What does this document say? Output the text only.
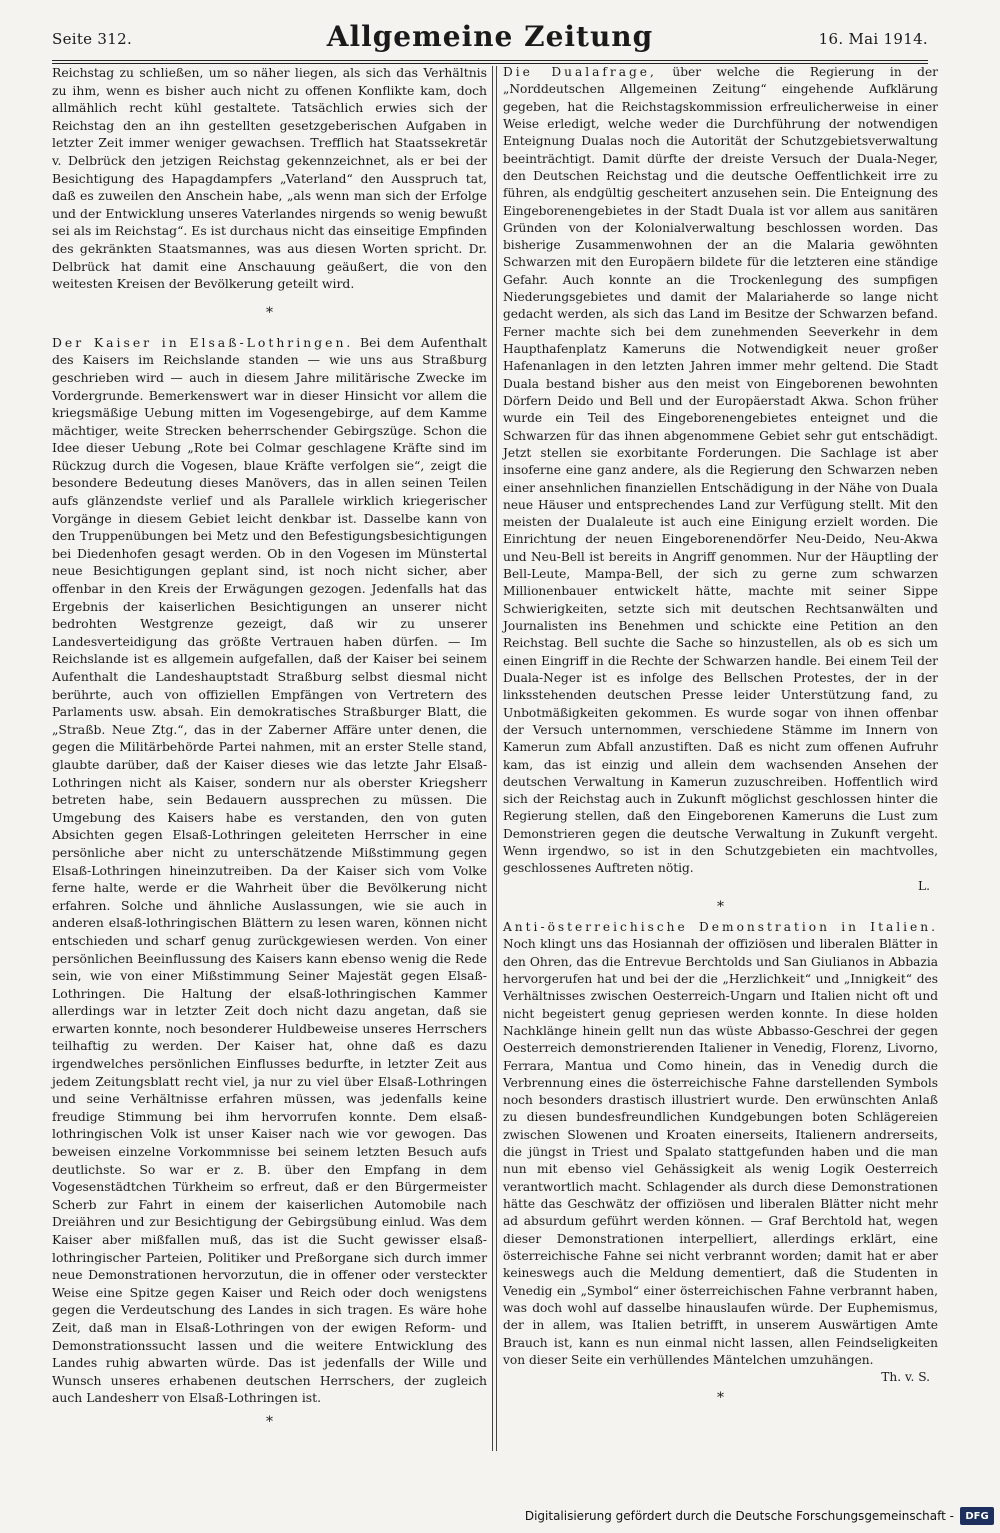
Seite 312.	Allgemeine Zeitung	16. Mai 1914.

Reichstag zu schließen, um so näher liegen, als sich das Verhältnis zu ihm, wenn es bisher auch nicht zu offenen Konflikte kam, doch allmählich recht kühl gestaltete. Tatsächlich erwies sich der Reichstag den an ihn gestellten gesetzgeberischen Aufgaben in letzter Zeit immer weniger gewachsen. Trefflich hat Staatssekretär v. Delbrück den jetzigen Reichstag gekennzeichnet, als er bei der Besichtigung des Hapagdampfers „Vaterland“ den Ausspruch tat, daß es zuweilen den Anschein habe, „als wenn man sich der Erfolge und der Entwicklung unseres Vaterlandes nirgends so wenig bewußt sei als im Reichstag“. Es ist durchaus nicht das einseitige Empfinden des gekränkten Staatsmannes, was aus diesen Worten spricht. Dr. Delbrück hat damit eine Anschauung geäußert, die von den weitesten Kreisen der Bevölkerung geteilt wird.

*

Der Kaiser in Elsaß-Lothringen. Bei dem Aufenthalt des Kaisers im Reichslande standen — wie uns aus Straßburg geschrieben wird — auch in diesem Jahre militärische Zwecke im Vordergrunde. Bemerkenswert war in dieser Hinsicht vor allem die kriegsmäßige Uebung mitten im Vogesengebirge, auf dem Kamme mächtiger, weite Strecken beherrschender Gebirgszüge. Schon die Idee dieser Uebung „Rote bei Colmar geschlagene Kräfte sind im Rückzug durch die Vogesen, blaue Kräfte verfolgen sie“, zeigt die besondere Bedeutung dieses Manövers, das in allen seinen Teilen aufs glänzendste verlief und als Parallele wirklich kriegerischer Vorgänge in diesem Gebiet leicht denkbar ist. Dasselbe kann von den Truppenübungen bei Metz und den Befestigungsbesichtigungen bei Diedenhofen gesagt werden. Ob in den Vogesen im Münstertal neue Besichtigungen geplant sind, ist noch nicht sicher, aber offenbar in den Kreis der Erwägungen gezogen. Jedenfalls hat das Ergebnis der kaiserlichen Besichtigungen an unserer nicht bedrohten Westgrenze gezeigt, daß wir zu unserer Landesverteidigung das größte Vertrauen haben dürfen. — Im Reichslande ist es allgemein aufgefallen, daß der Kaiser bei seinem Aufenthalt die Landeshauptstadt Straßburg selbst diesmal nicht berührte, auch von offiziellen Empfängen von Vertretern des Parlaments usw. absah. Ein demokratisches Straßburger Blatt, die „Straßb. Neue Ztg.“, das in der Zaberner Affäre unter denen, die gegen die Militärbehörde Partei nahmen, mit an erster Stelle stand, glaubte darüber, daß der Kaiser dieses wie das letzte Jahr Elsaß-Lothringen nicht als Kaiser, sondern nur als oberster Kriegsherr betreten habe, sein Bedauern aussprechen zu müssen. Die Umgebung des Kaisers habe es verstanden, den von guten Absichten gegen Elsaß-Lothringen geleiteten Herrscher in eine persönliche aber nicht zu unterschätzende Mißstimmung gegen Elsaß-Lothringen hineinzutreiben. Da der Kaiser sich vom Volke ferne halte, werde er die Wahrheit über die Bevölkerung nicht erfahren. Solche und ähnliche Auslassungen, wie sie auch in anderen elsaß-lothringischen Blättern zu lesen waren, können nicht entschieden und scharf genug zurückgewiesen werden. Von einer persönlichen Beeinflussung des Kaisers kann ebenso wenig die Rede sein, wie von einer Mißstimmung Seiner Majestät gegen Elsaß-Lothringen. Die Haltung der elsaß-lothringischen Kammer allerdings war in letzter Zeit doch nicht dazu angetan, daß sie erwarten konnte, noch besonderer Huldbeweise unseres Herrschers teilhaftig zu werden. Der Kaiser hat, ohne daß es dazu irgendwelches persönlichen Einflusses bedurfte, in letzter Zeit aus jedem Zeitungsblatt recht viel, ja nur zu viel über Elsaß-Lothringen und seine Verhältnisse erfahren müssen, was jedenfalls keine freudige Stimmung bei ihm hervorrufen konnte. Dem elsaß-lothringischen Volk ist unser Kaiser nach wie vor gewogen. Das beweisen einzelne Vorkommnisse bei seinem letzten Besuch aufs deutlichste. So war er z. B. über den Empfang in dem Vogesenstädtchen Türkheim so erfreut, daß er den Bürgermeister Scherb zur Fahrt in einem der kaiserlichen Automobile nach Dreiähren und zur Besichtigung der Gebirgsübung einlud. Was dem Kaiser aber mißfallen muß, das ist die Sucht gewisser elsaß-lothringischer Parteien, Politiker und Preßorgane sich durch immer neue Demonstrationen hervorzutun, die in offener oder versteckter Weise eine Spitze gegen Kaiser und Reich oder doch wenigstens gegen die Verdeutschung des Landes in sich tragen. Es wäre hohe Zeit, daß man in Elsaß-Lothringen von der ewigen Reform- und Demonstrationssucht lassen und die weitere Entwicklung des Landes ruhig abwarten würde. Das ist jedenfalls der Wille und Wunsch unseres erhabenen deutschen Herrschers, der zugleich auch Landesherr von Elsaß-Lothringen ist.

*

Die Dualafrage, über welche die Regierung in der „Norddeutschen Allgemeinen Zeitung“ eingehende Aufklärung gegeben, hat die Reichstagskommission erfreulicherweise in einer Weise erledigt, welche weder die Durchführung der notwendigen Enteignung Dualas noch die Autorität der Schutzgebietsverwaltung beeinträchtigt. Damit dürfte der dreiste Versuch der Duala-Neger, den Deutschen Reichstag und die deutsche Oeffentlichkeit irre zu führen, als endgültig gescheitert anzusehen sein. Die Enteignung des Eingeborenengebietes in der Stadt Duala ist vor allem aus sanitären Gründen von der Kolonialverwaltung beschlossen worden. Das bisherige Zusammenwohnen der an die Malaria gewöhnten Schwarzen mit den Europäern bildete für die letzteren eine ständige Gefahr. Auch konnte an die Trockenlegung des sumpfigen Niederungsgebietes und damit der Malariaherde so lange nicht gedacht werden, als sich das Land im Besitze der Schwarzen befand. Ferner machte sich bei dem zunehmenden Seeverkehr in dem Haupthafenplatz Kameruns die Notwendigkeit neuer großer Hafenanlagen in den letzten Jahren immer mehr geltend. Die Stadt Duala bestand bisher aus den meist von Eingeborenen bewohnten Dörfern Deido und Bell und der Europäerstadt Akwa. Schon früher wurde ein Teil des Eingeborenengebietes enteignet und die Schwarzen für das ihnen abgenommene Gebiet sehr gut entschädigt. Jetzt stellen sie exorbitante Forderungen. Die Sachlage ist aber insoferne eine ganz andere, als die Regierung den Schwarzen neben einer ansehnlichen finanziellen Entschädigung in der Nähe von Duala neue Häuser und entsprechendes Land zur Verfügung stellt. Mit den meisten der Dualaleute ist auch eine Einigung erzielt worden. Die Einrichtung der neuen Eingeborenendörfer Neu-Deido, Neu-Akwa und Neu-Bell ist bereits in Angriff genommen. Nur der Häuptling der Bell-Leute, Mampa-Bell, der sich zu gerne zum schwarzen Millionenbauer entwickelt hätte, machte mit seiner Sippe Schwierigkeiten, setzte sich mit deutschen Rechtsanwälten und Journalisten ins Benehmen und schickte eine Petition an den Reichstag. Bell suchte die Sache so hinzustellen, als ob es sich um einen Eingriff in die Rechte der Schwarzen handle. Bei einem Teil der Duala-Neger ist es infolge des Bellschen Protestes, der in der linksstehenden deutschen Presse leider Unterstützung fand, zu Unbotmäßigkeiten gekommen. Es wurde sogar von ihnen offenbar der Versuch unternommen, verschiedene Stämme im Innern von Kamerun zum Abfall anzustiften. Daß es nicht zum offenen Aufruhr kam, das ist einzig und allein dem wachsenden Ansehen der deutschen Verwaltung in Kamerun zuzuschreiben. Hoffentlich wird sich der Reichstag auch in Zukunft möglichst geschlossen hinter die Regierung stellen, daß den Eingeborenen Kameruns die Lust zum Demonstrieren gegen die deutsche Verwaltung in Zukunft vergeht. Wenn irgendwo, so ist in den Schutzgebieten ein machtvolles, geschlossenes Auftreten nötig.

L.

*

Anti-österreichische Demonstration in Italien. Noch klingt uns das Hosiannah der offiziösen und liberalen Blätter in den Ohren, das die Entrevue Berchtolds und San Giulianos in Abbazia hervorgerufen hat und bei der die „Herzlichkeit“ und „Innigkeit“ des Verhältnisses zwischen Oesterreich-Ungarn und Italien nicht oft und nicht begeistert genug gepriesen werden konnte. In diese holden Nachklänge hinein gellt nun das wüste Abbasso-Geschrei der gegen Oesterreich demonstrierenden Italiener in Venedig, Florenz, Livorno, Ferrara, Mantua und Como hinein, das in Venedig durch die Verbrennung eines die österreichische Fahne darstellenden Symbols noch besonders drastisch illustriert wurde. Den erwünschten Anlaß zu diesen bundesfreundlichen Kundgebungen boten Schlägereien zwischen Slowenen und Kroaten einerseits, Italienern andrerseits, die jüngst in Triest und Spalato stattgefunden haben und die man nun mit ebenso viel Gehässigkeit als wenig Logik Oesterreich verantwortlich macht. Schlagender als durch diese Demonstrationen hätte das Geschwätz der offiziösen und liberalen Blätter nicht mehr ad absurdum geführt werden können. — Graf Berchtold hat, wegen dieser Demonstrationen interpelliert, allerdings erklärt, eine österreichische Fahne sei nicht verbrannt worden; damit hat er aber keineswegs auch die Meldung dementiert, daß die Studenten in Venedig ein „Symbol“ einer österreichischen Fahne verbrannt haben, was doch wohl auf dasselbe hinauslaufen würde. Der Euphemismus, der in allem, was Italien betrifft, in unserem Auswärtigen Amte Brauch ist, kann es nun einmal nicht lassen, allen Feindseligkeiten von dieser Seite ein verhüllendes Mäntelchen umzuhängen.

Th. v. S.

*

Digitalisierung gefördert durch die Deutsche Forschungsgemeinschaft -	DFG
